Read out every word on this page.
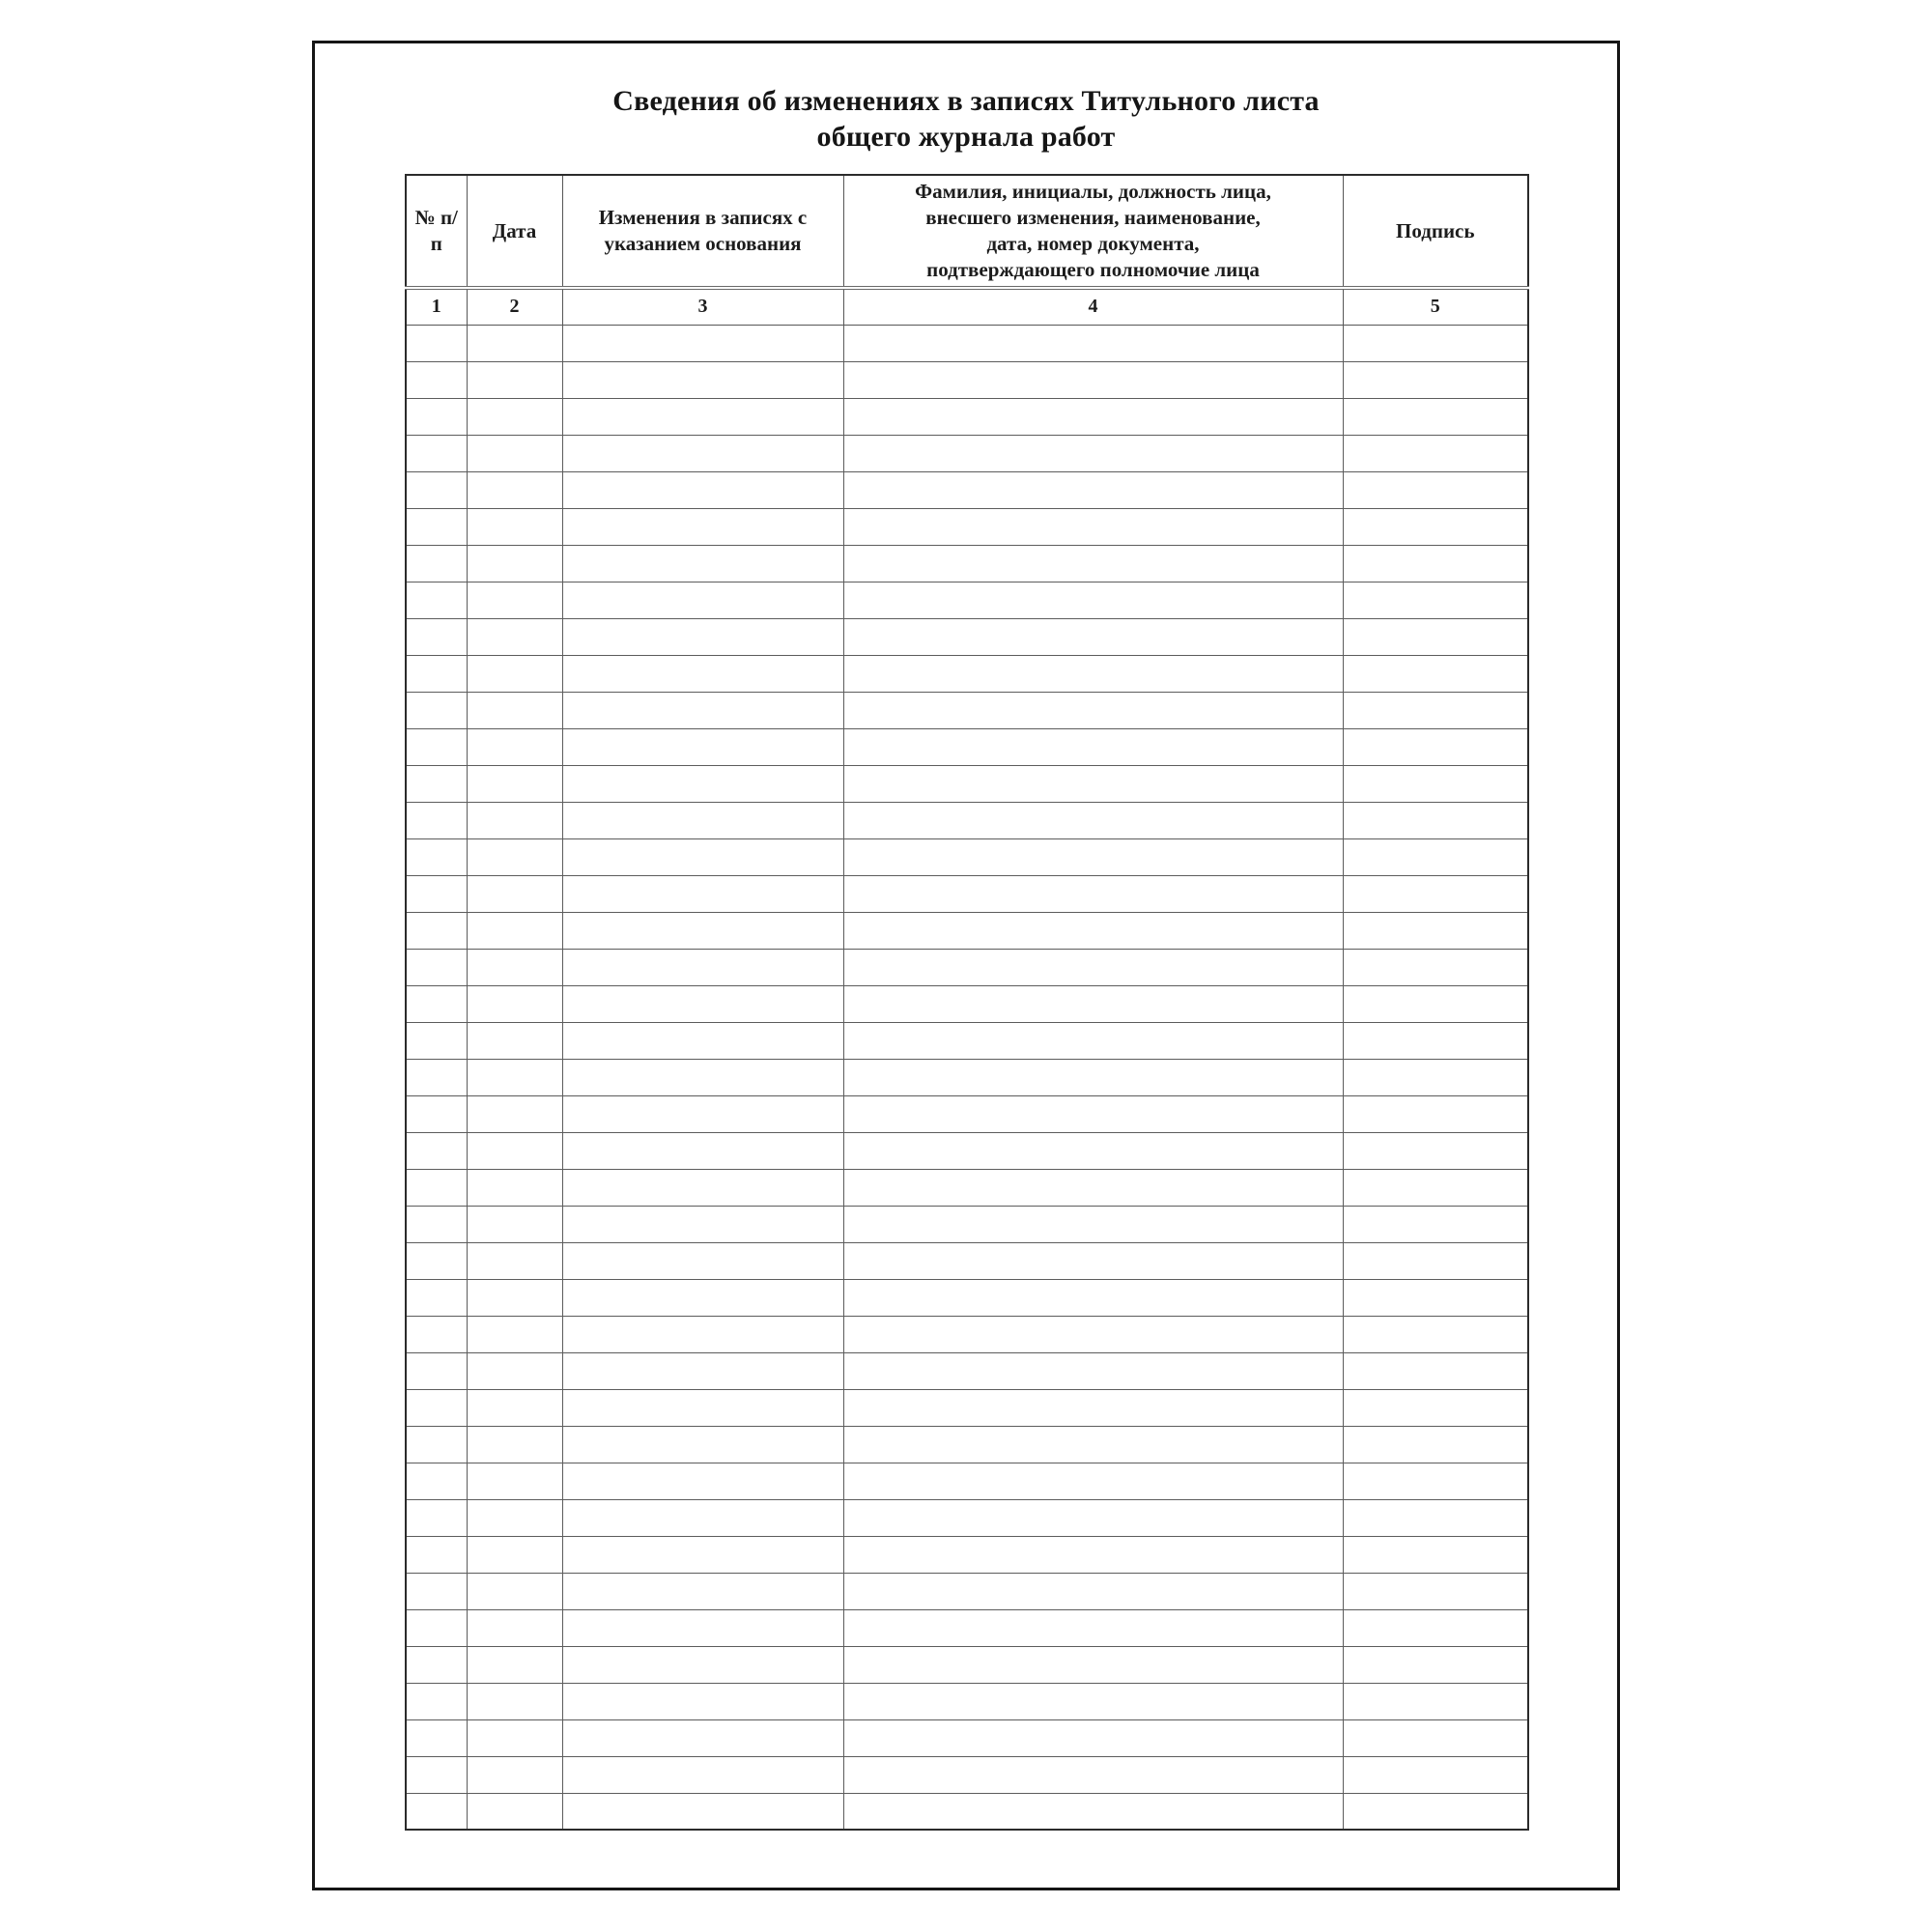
Сведения об изменениях в записях Титульного листа общего журнала работ
№ п/п	Дата	Изменения в записях с указанием основания	Фамилия, инициалы, должность лица, внесшего изменения, наименование, дата, номер документа, подтверждающего полномочие лица	Подпись
1	2	3	4	5
